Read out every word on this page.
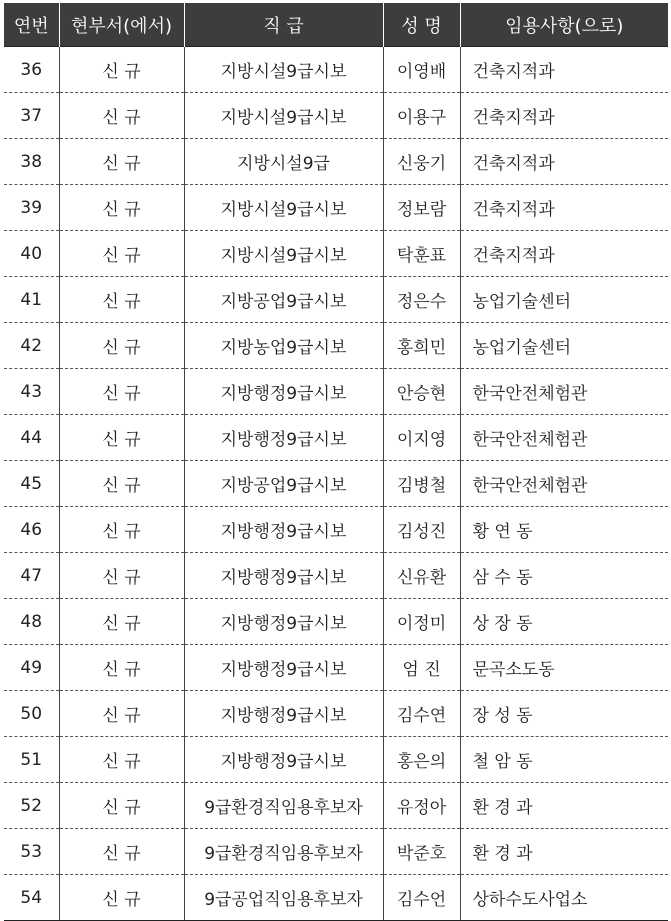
연번	현부서(에서)	직 급	성 명	임용사항(으로)
36	신 규	지방시설9급시보	이영배	건축지적과
37	신 규	지방시설9급시보	이용구	건축지적과
38	신 규	지방시설9급	신웅기	건축지적과
39	신 규	지방시설9급시보	정보람	건축지적과
40	신 규	지방시설9급시보	탁훈표	건축지적과
41	신 규	지방공업9급시보	정은수	농업기술센터
42	신 규	지방농업9급시보	홍희민	농업기술센터
43	신 규	지방행정9급시보	안승현	한국안전체험관
44	신 규	지방행정9급시보	이지영	한국안전체험관
45	신 규	지방공업9급시보	김병철	한국안전체험관
46	신 규	지방행정9급시보	김성진	황 연 동
47	신 규	지방행정9급시보	신유환	삼 수 동
48	신 규	지방행정9급시보	이정미	상 장 동
49	신 규	지방행정9급시보	엄 진	문곡소도동
50	신 규	지방행정9급시보	김수연	장 성 동
51	신 규	지방행정9급시보	홍은의	철 암 동
52	신 규	9급환경직임용후보자	유정아	환 경 과
53	신 규	9급환경직임용후보자	박준호	환 경 과
54	신 규	9급공업직임용후보자	김수언	상하수도사업소
